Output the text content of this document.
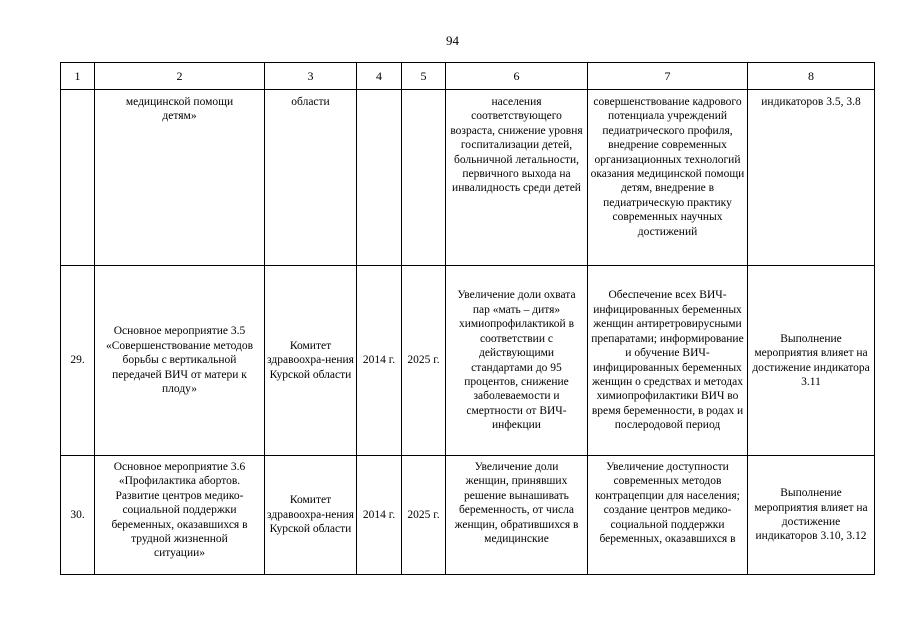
94
1	2	3	4	5	6	7	8

	медицинской помощи детям»	области			населения соответствующего возраста, снижение уровня госпитализации детей, больничной летальности, первичного выхода на инвалидность среди детей	совершенствование кадрового потенциала учреждений педиатрического профиля, внедрение современных организационных технологий оказания медицинской помощи детям, внедрение в педиатрическую практику современных научных достижений	индикаторов 3.5, 3.8
29.	Основное мероприятие 3.5 «Совершенствование методов борьбы с вертикальной передачей ВИЧ от матери к плоду»	Комитет здравоохра-нения Курской области	2014 г.	2025 г.	Увеличение доли охвата пар «мать – дитя» химиопрофилактикой в соответствии с действующими стандартами до 95 процентов, снижение заболеваемости и смертности от ВИЧ-инфекции	Обеспечение всех ВИЧ-инфицированных беременных женщин антиретровирусными препаратами; информирование и обучение ВИЧ-инфицированных беременных женщин о средствах и методах химиопрофилактики ВИЧ во время беременности, в родах и послеродовой период	Выполнение мероприятия влияет на достижение индикатора 3.11
30.	Основное мероприятие 3.6 «Профилактика абортов. Развитие центров медико-социальной поддержки беременных, оказавшихся в трудной жизненной ситуации»	Комитет здравоохра-нения Курской области	2014 г.	2025 г.	Увеличение доли женщин, принявших решение вынашивать беременность, от числа женщин, обратившихся в медицинские	Увеличение доступности современных методов контрацепции для населения; создание центров медико-социальной поддержки беременных, оказавшихся в	Выполнение мероприятия влияет на достижение индикаторов 3.10, 3.12
